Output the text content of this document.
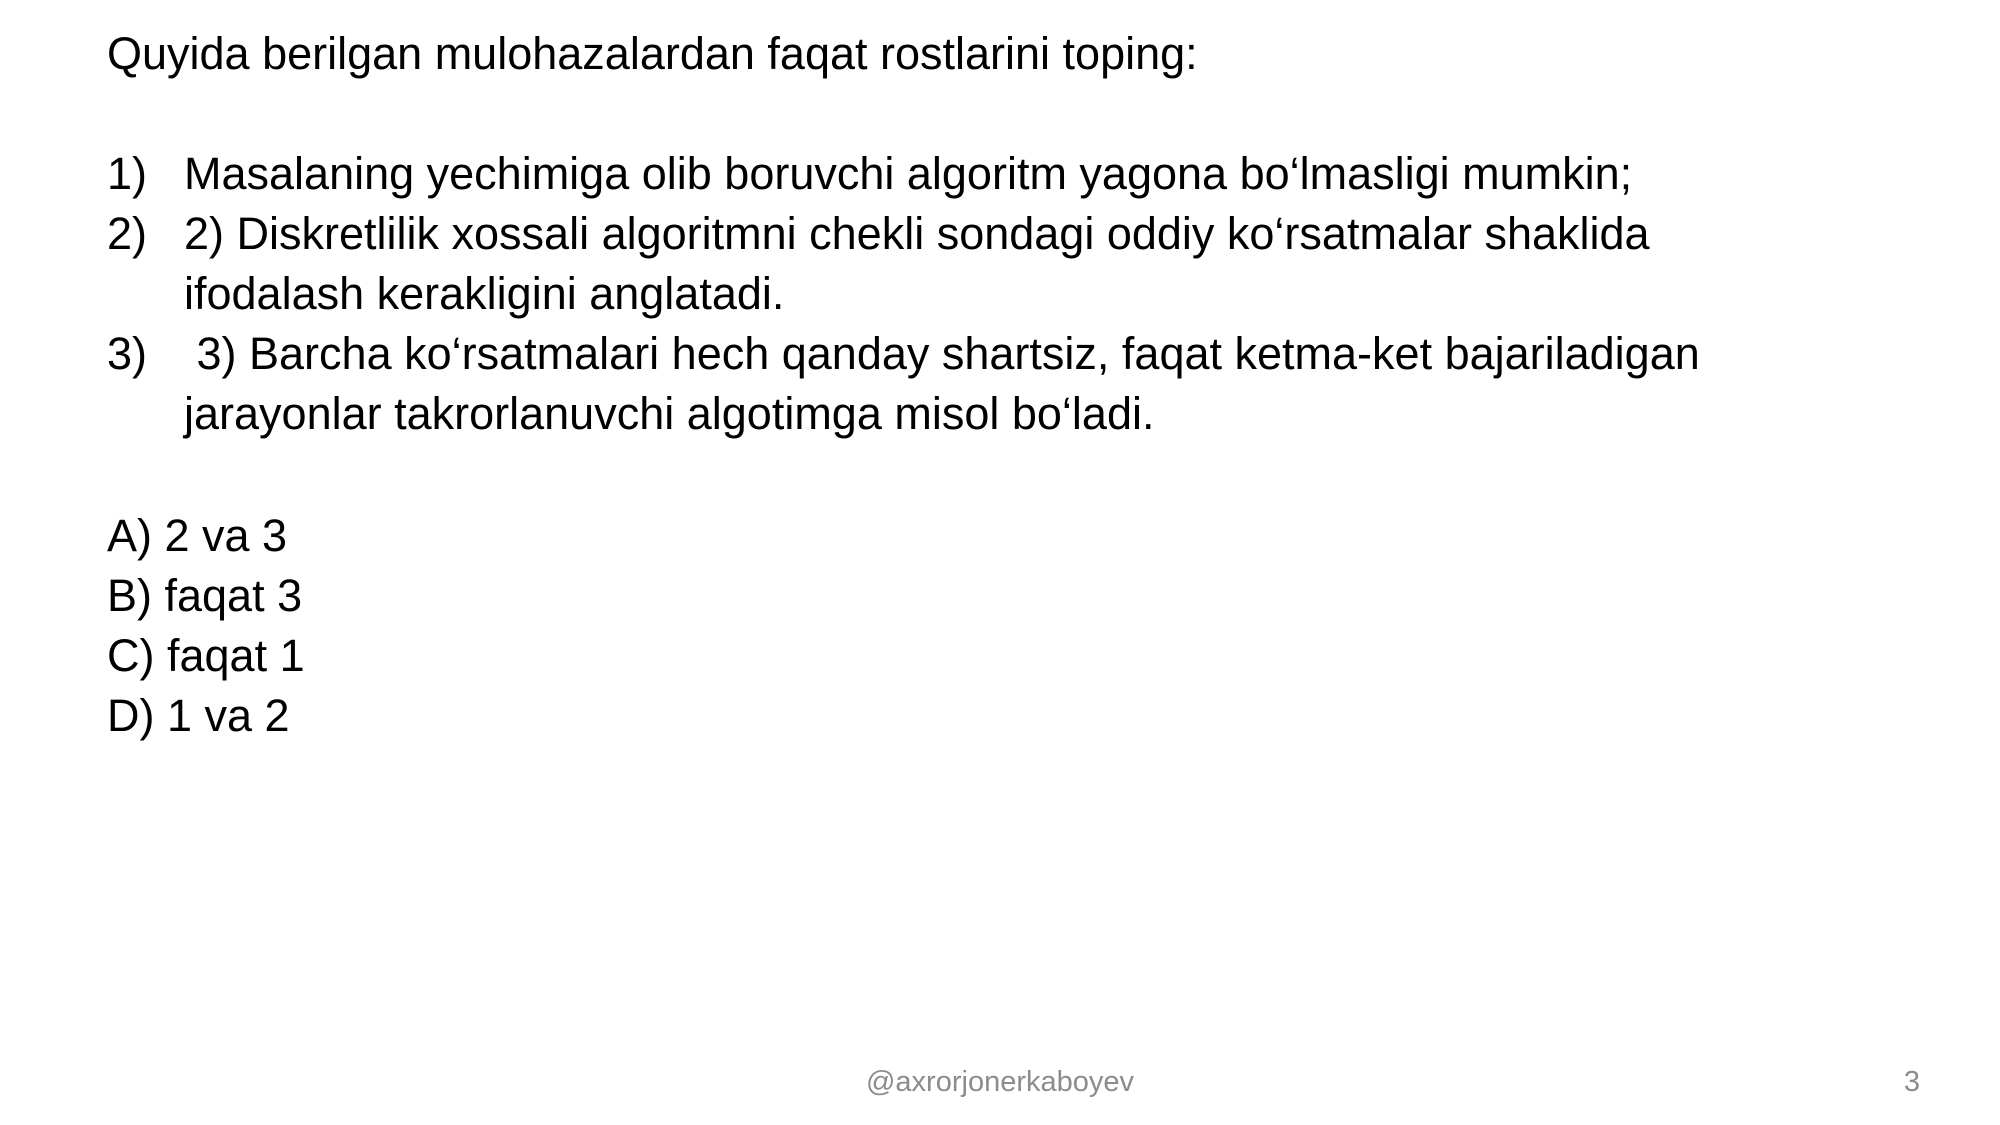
Quyida berilgan mulohazalardan faqat rostlarini toping:
1) Masalaning yechimiga olib boruvchi algoritm yagona bo‘lmasligi mumkin;
2) 2) Diskretlilik xossali algoritmni chekli sondagi oddiy ko‘rsatmalar shaklida
ifodalash kerakligini anglatadi.
3) 3) Barcha ko‘rsatmalari hech qanday shartsiz, faqat ketma-ket bajariladigan
jarayonlar takrorlanuvchi algotimga misol bo‘ladi.
A) 2 va 3
B) faqat 3
C) faqat 1
D) 1 va 2
@axrorjonerkaboyev	3
